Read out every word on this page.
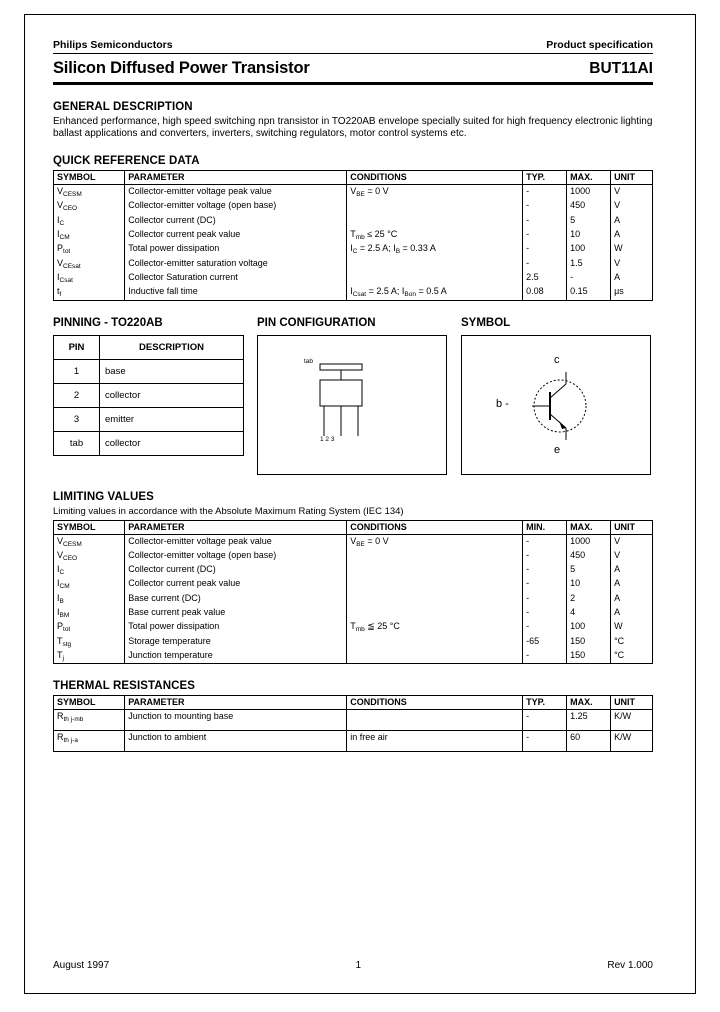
Philips Semiconductors	Product specification
Silicon Diffused Power Transistor	BUT11AI
GENERAL DESCRIPTION

Enhanced performance, high speed switching npn transistor in TO220AB envelope specially suited for high frequency electronic lighting ballast applications and converters, inverters, switching regulators, motor control systems etc.

QUICK REFERENCE DATA
SYMBOL	PARAMETER	CONDITIONS	TYP.	MAX.	UNIT
$V_{CESM}$	Collector-emitter voltage peak value	$V_{BE} = 0$ V	-	1000	V
$V_{CEO}$	Collector-emitter voltage (open base)		-	450	V
$I_C$	Collector current (DC)		-	5	A
$I_{CM}$	Collector current peak value	$T_{mb} \le 25$ °C	-	10	A
$P_{tot}$	Total power dissipation	$I_C = 2.5$ A; $I_B = 0.33$ A	-	100	W
$V_{CEsat}$	Collector-emitter saturation voltage		-	1.5	V
$I_{Csat}$	Collector Saturation current		2.5	-	A
$t_f$	Inductive fall time	$I_{Csat} = 2.5$ A; $I_{Bon} = 0.5$ A	0.08	0.15	µs
PINNING - TO220AB	PIN CONFIGURATION	SYMBOL
PIN	DESCRIPTION
1	base
2	collector
3	emitter
tab	collector
tab
1 2 3
c
b -
e
LIMITING VALUES
Limiting values in accordance with the Absolute Maximum Rating System (IEC 134)
SYMBOL	PARAMETER	CONDITIONS	MIN.	MAX.	UNIT
$V_{CESM}$	Collector-emitter voltage peak value	$V_{BE} = 0$ V	-	1000	V
$V_{CEO}$	Collector-emitter voltage (open base)		-	450	V
$I_C$	Collector current (DC)		-	5	A
$I_{CM}$	Collector current peak value		-	10	A
$I_B$	Base current (DC)		-	2	A
$I_{BM}$	Base current peak value		-	4	A
$P_{tot}$	Total power dissipation	$T_{mb}$ ≦ 25 °C	-	100	W
$T_{stg}$	Storage temperature		-65	150	°C
$T_j$	Junction temperature		-	150	°C
THERMAL RESISTANCES
SYMBOL	PARAMETER	CONDITIONS	TYP.	MAX.	UNIT
$R_{th j-mb}$	Junction to mounting base		-	1.25	K/W
$R_{th j-a}$	Junction to ambient	in free air	-	60	K/W
August 1997	1	Rev 1.000
